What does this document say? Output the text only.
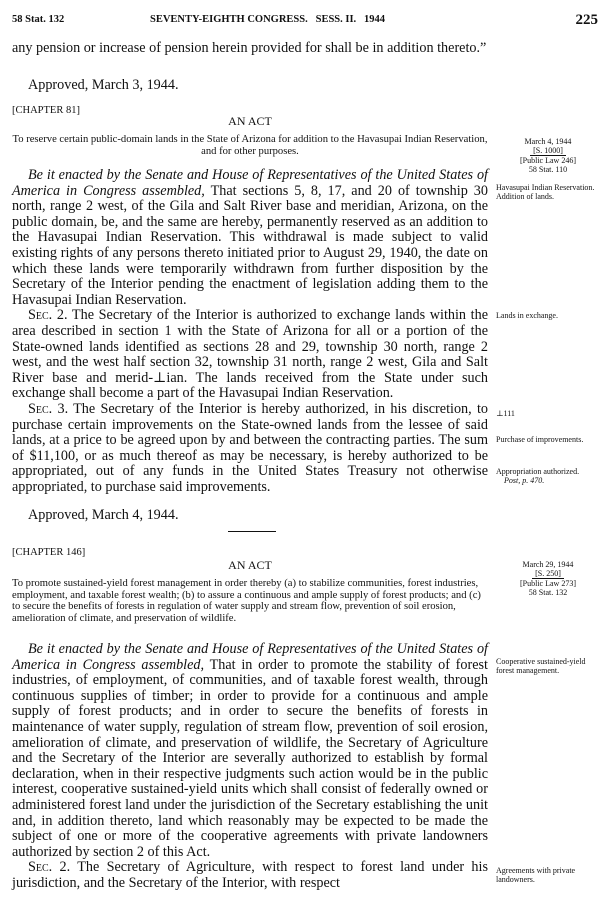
58 Stat. 132	SEVENTY-EIGHTH CONGRESS.   SESS. II.   1944	225

any pension or increase of pension herein provided for shall be in addition thereto.”

Approved, March 3, 1944.

[CHAPTER 81]
AN ACT
To reserve certain public-domain lands in the State of Arizona for addition to the Havasupai Indian Reservation, and for other purposes.

Be it enacted by the Senate and House of Representatives of the United States of America in Congress assembled, That sections 5, 8, 17, and 20 of township 30 north, range 2 west, of the Gila and Salt River base and meridian, Arizona, on the public domain, be, and the same are hereby, permanently reserved as an addition to the Havasupai Indian Reservation. This withdrawal is made subject to valid existing rights of any persons thereto initiated prior to August 29, 1940, the date on which these lands were temporarily withdrawn from further disposition by the Secretary of the Interior pending the enactment of legislation adding them to the Havasupai Indian Reservation.

Sec. 2. The Secretary of the Interior is authorized to exchange lands within the area described in section 1 with the State of Arizona for all or a portion of the State-owned lands identified as sections 28 and 29, township 30 north, range 2 west, and the west half section 32, township 31 north, range 2 west, Gila and Salt River base and merid-⊥ian. The lands received from the State under such exchange shall become a part of the Havasupai Indian Reservation.

Sec. 3. The Secretary of the Interior is hereby authorized, in his discretion, to purchase certain improvements on the State-owned lands from the lessee of said lands, at a price to be agreed upon by and between the contracting parties. The sum of $11,100, or as much thereof as may be necessary, is hereby authorized to be appropriated, out of any funds in the United States Treasury not otherwise appropriated, to purchase said improvements.

Approved, March 4, 1944.

March 4, 1944
[S. 1000]
[Public Law 246]
58 Stat. 110
Havasupai Indian Reservation. Addition of lands.
Lands in exchange.
⊥111
Purchase of improvements.
Appropriation authorized.
Post, p. 470.
[CHAPTER 146]
AN ACT
To promote sustained-yield forest management in order thereby (a) to stabilize communities, forest industries, employment, and taxable forest wealth; (b) to assure a continuous and ample supply of forest products; and (c) to secure the benefits of forests in regulation of water supply and stream flow, prevention of soil erosion, amelioration of climate, and preservation of wildlife.

Be it enacted by the Senate and House of Representatives of the United States of America in Congress assembled, That in order to promote the stability of forest industries, of employment, of communities, and of taxable forest wealth, through continuous supplies of timber; in order to provide for a continuous and ample supply of forest products; and in order to secure the benefits of forests in maintenance of water supply, regulation of stream flow, prevention of soil erosion, amelioration of climate, and preservation of wildlife, the Secretary of Agriculture and the Secretary of the Interior are severally authorized to establish by formal declaration, when in their respective judgments such action would be in the public interest, cooperative sustained-yield units which shall consist of federally owned or administered forest land under the jurisdiction of the Secretary establishing the unit and, in addition thereto, land which reasonably may be expected to be made the subject of one or more of the cooperative agreements with private landowners authorized by section 2 of this Act.

Sec. 2. The Secretary of Agriculture, with respect to forest land under his jurisdiction, and the Secretary of the Interior, with respect

March 29, 1944
[S. 250]
[Public Law 273]
58 Stat. 132
Cooperative sustained-yield forest management.
Agreements with private landowners.
